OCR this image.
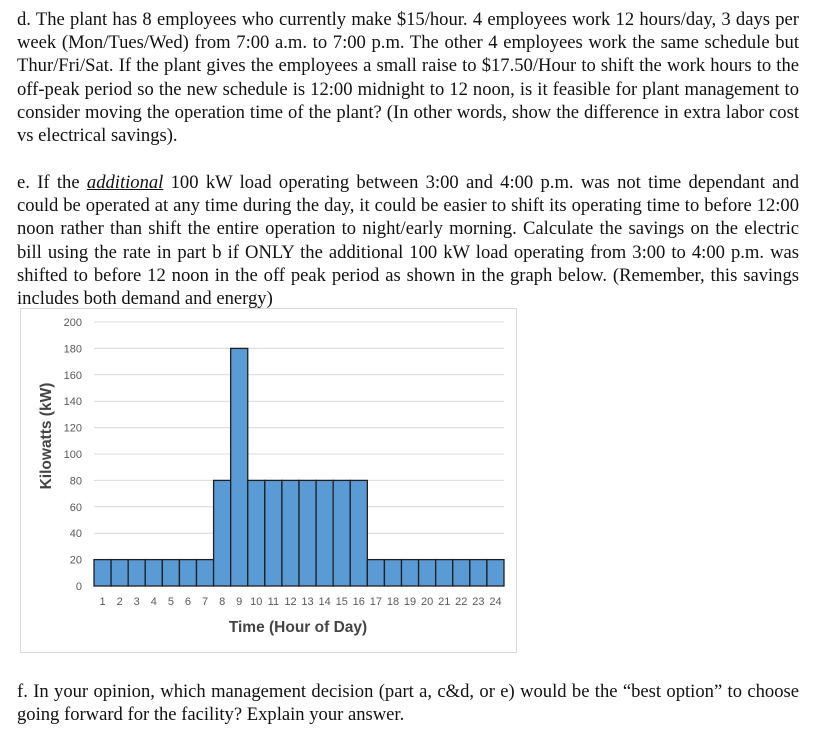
d. The plant has 8 employees who currently make $15/hour. 4 employees work 12 hours/day, 3 days per week (Mon/Tues/Wed) from 7:00 a.m. to 7:00 p.m. The other 4 employees work the same schedule but Thur/Fri/Sat. If the plant gives the employees a small raise to $17.50/Hour to shift the work hours to the off-peak period so the new schedule is 12:00 midnight to 12 noon, is it feasible for plant management to consider moving the operation time of the plant? (In other words, show the difference in extra labor cost vs electrical savings).

e. If the additional 100 kW load operating between 3:00 and 4:00 p.m. was not time dependant and could be operated at any time during the day, it could be easier to shift its operating time to before 12:00 noon rather than shift the entire operation to night/early morning. Calculate the savings on the electric bill using the rate in part b if ONLY the additional 100 kW load operating from 3:00 to 4:00 p.m. was shifted to before 12 noon in the off peak period as shown in the graph below. (Remember, this savings includes both demand and energy)

0
20
40
60
80
100
120
140
160
180
200
1 2 3 4 5 6 7 8 9 10 11 12 13 14 15 16 17 18 19 20 21 22 23 24
Time (Hour of Day)
Kilowatts (kW)

f. In your opinion, which management decision (part a, c&d, or e) would be the “best option” to choose going forward for the facility? Explain your answer.
